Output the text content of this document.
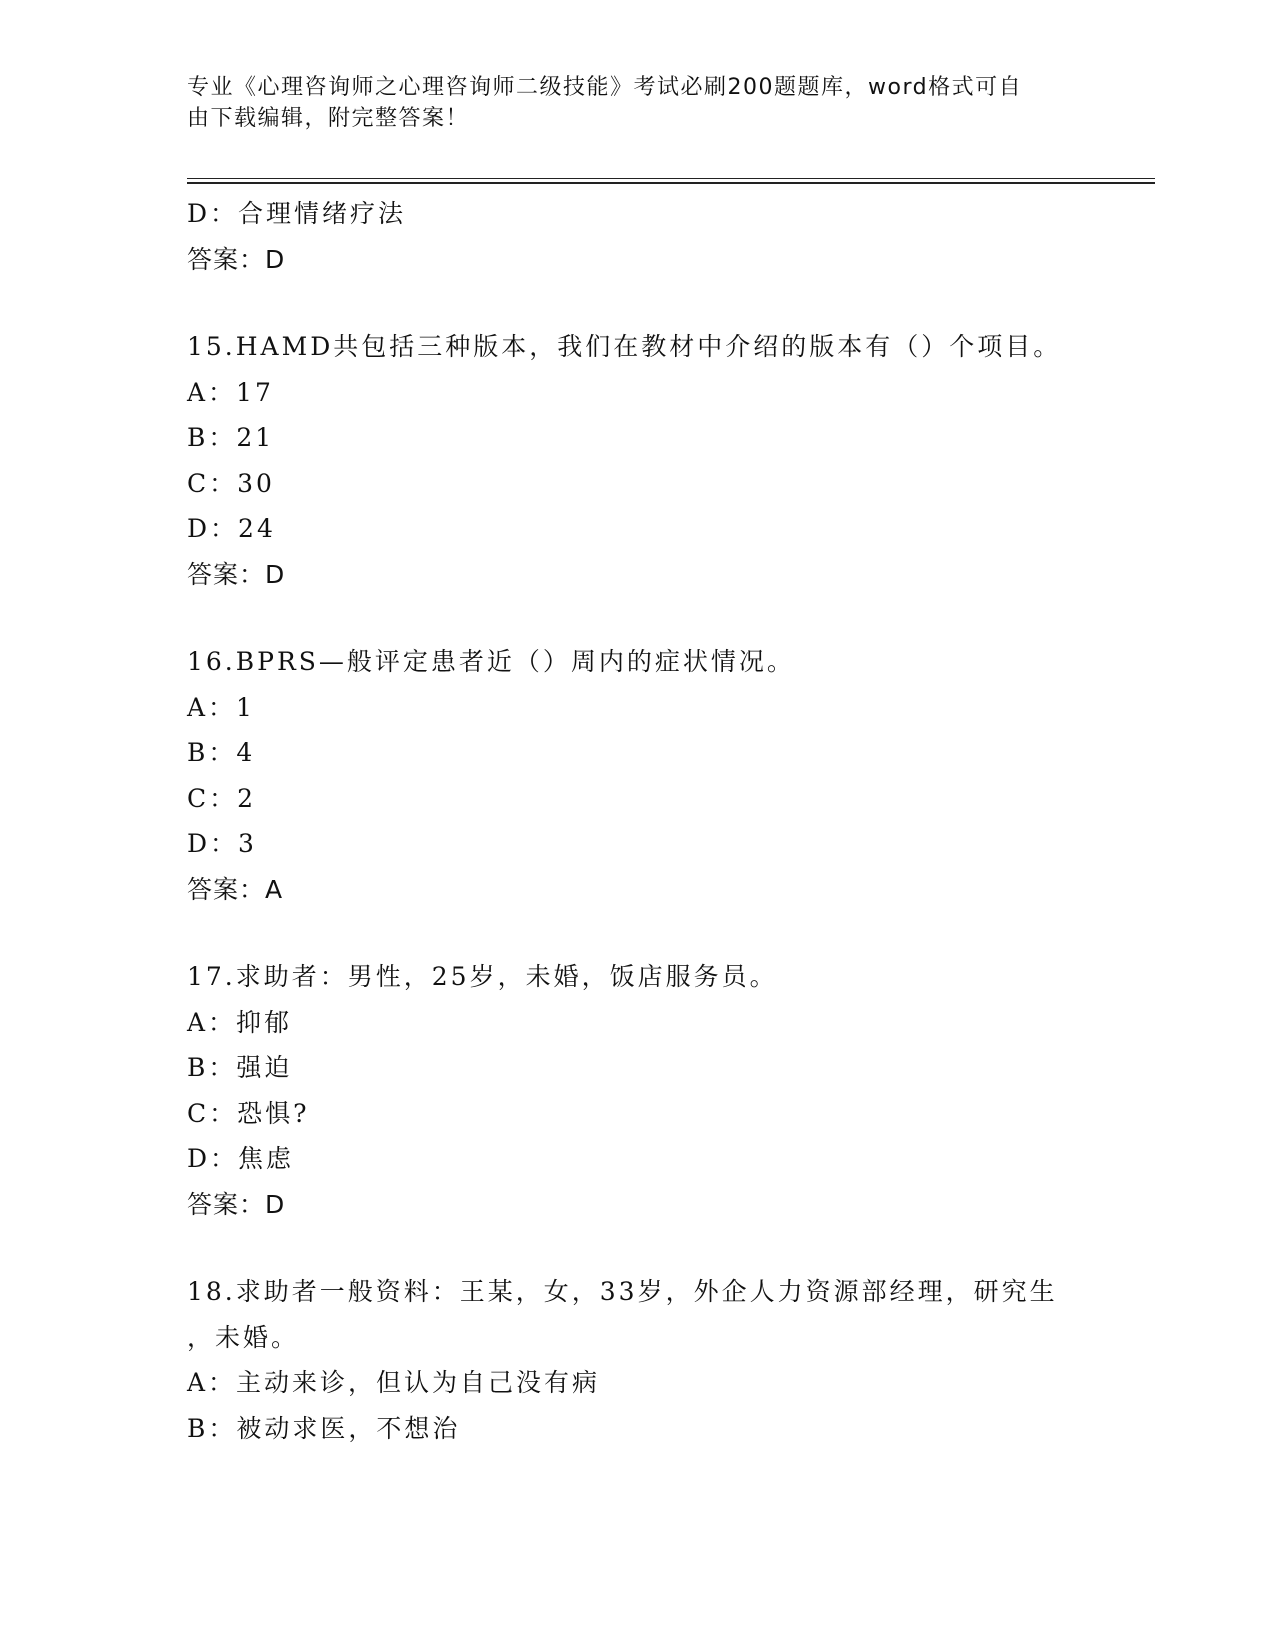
专业《心理咨询师之心理咨询师二级技能》考试必刷200题题库，word格式可自
由下载编辑，附完整答案！
D：合理情绪疗法
答案：D
15.HAMD共包括三种版本，我们在教材中介绍的版本有（）个项目。
A：17
B：21
C：30
D：24
答案：D
16.BPRS—般评定患者近（）周内的症状情况。
A：1
B：4
C：2
D：3
答案：A
17.求助者：男性，25岁，未婚，饭店服务员。
A：抑郁
B：强迫
C：恐惧?
D：焦虑
答案：D
18.求助者一般资料：王某，女，33岁，外企人力资源部经理，研究生
，未婚。
A：主动来诊，但认为自己没有病
B：被动求医，不想治
